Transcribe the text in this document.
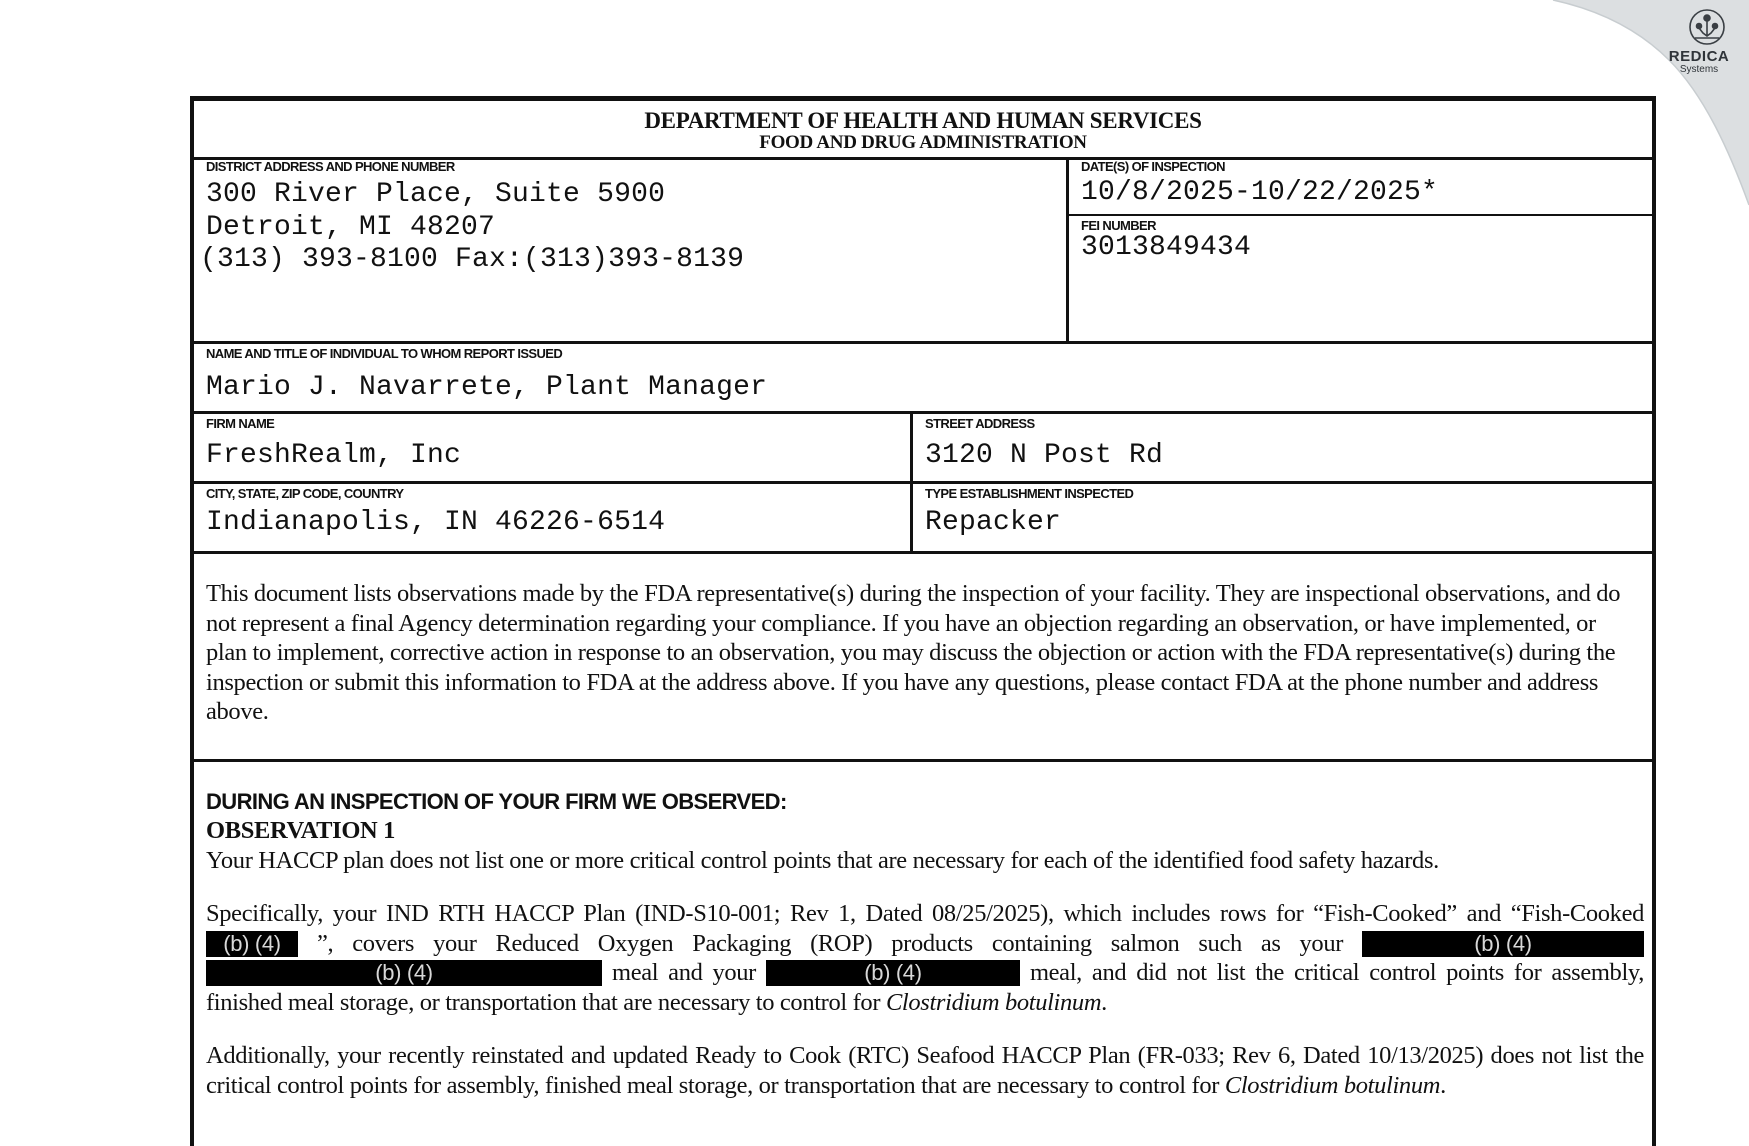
DEPARTMENT OF HEALTH AND HUMAN SERVICES
FOOD AND DRUG ADMINISTRATION
DISTRICT ADDRESS AND PHONE NUMBER
300 River Place, Suite 5900
Detroit, MI 48207
(313) 393-8100 Fax:(313)393-8139
DATE(S) OF INSPECTION
10/8/2025-10/22/2025*
FEI NUMBER
3013849434
NAME AND TITLE OF INDIVIDUAL TO WHOM REPORT ISSUED
Mario J. Navarrete, Plant Manager
FIRM NAME
FreshRealm, Inc
STREET ADDRESS
3120 N Post Rd
CITY, STATE, ZIP CODE, COUNTRY
Indianapolis, IN 46226-6514
TYPE ESTABLISHMENT INSPECTED
Repacker
This document lists observations made by the FDA representative(s) during the inspection of your facility. They are inspectional observations, and do not represent a final Agency determination regarding your compliance. If you have an objection regarding an observation, or have implemented, or plan to implement, corrective action in response to an observation, you may discuss the objection or action with the FDA representative(s) during the inspection or submit this information to FDA at the address above. If you have any questions, please contact FDA at the phone number and address above.
DURING AN INSPECTION OF YOUR FIRM WE OBSERVED:
OBSERVATION 1

Your HACCP plan does not list one or more critical control points that are necessary for each of the identified food safety hazards.

Specifically, your IND RTH HACCP Plan (IND-S10-001; Rev 1, Dated 08/25/2025), which includes rows for “Fish-Cooked” and “Fish-Cooked (b) (4) ”, covers your Reduced Oxygen Packaging (ROP) products containing salmon such as your	(b) (4) (b) (4)	meal and your	(b) (4)	meal, and did not list the critical control points for assembly, finished meal storage, or transportation that are necessary to control for Clostridium botulinum.

Additionally, your recently reinstated and updated Ready to Cook (RTC) Seafood HACCP Plan (FR-033; Rev 6, Dated 10/13/2025) does not list the critical control points for assembly, finished meal storage, or transportation that are necessary to control for Clostridium botulinum.

REDICA
Systems
